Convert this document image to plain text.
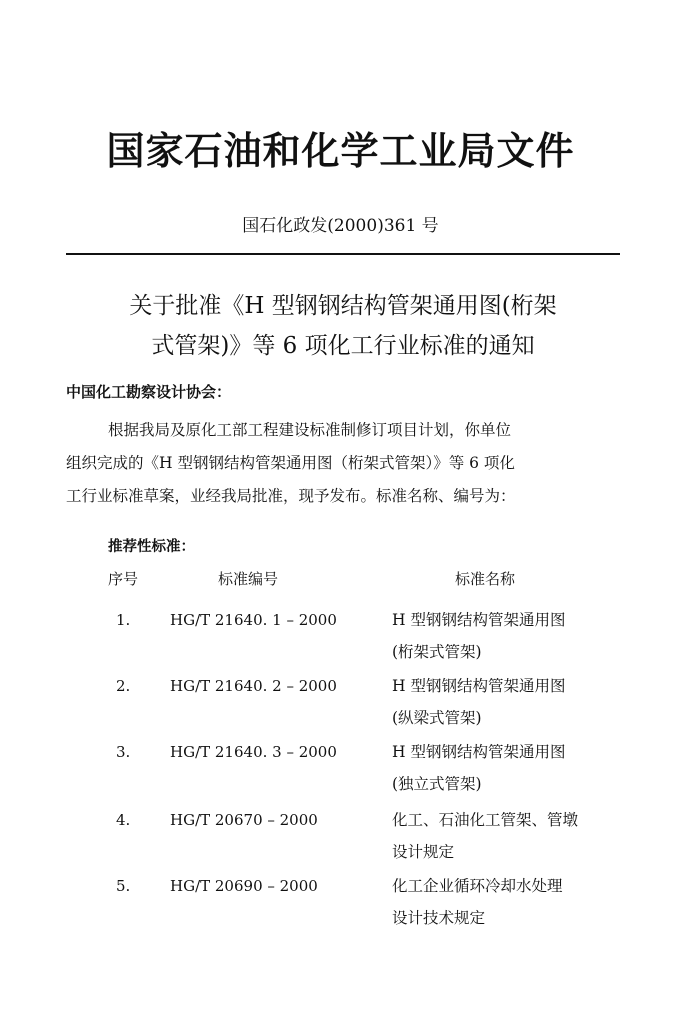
国家石油和化学工业局文件
国石化政发(2000)361 号
关于批准《H 型钢钢结构管架通用图(桁架
式管架)》等 6 项化工行业标准的通知
中国化工勘察设计协会：
根据我局及原化工部工程建设标准制修订项目计划，你单位
组织完成的《H 型钢钢结构管架通用图（桁架式管架）》等 6 项化
工行业标准草案，业经我局批准，现予发布。标准名称、编号为：
推荐性标准：
序号	标准编号	标准名称
1.	HG/T 21640. 1 – 2000	H 型钢钢结构管架通用图
(桁架式管架)
2.	HG/T 21640. 2 – 2000	H 型钢钢结构管架通用图
(纵梁式管架)
3.	HG/T 21640. 3 – 2000	H 型钢钢结构管架通用图
(独立式管架)
4.	HG/T 20670 – 2000	化工、石油化工管架、管墩
设计规定
5.	HG/T 20690 – 2000	化工企业循环冷却水处理
设计技术规定
